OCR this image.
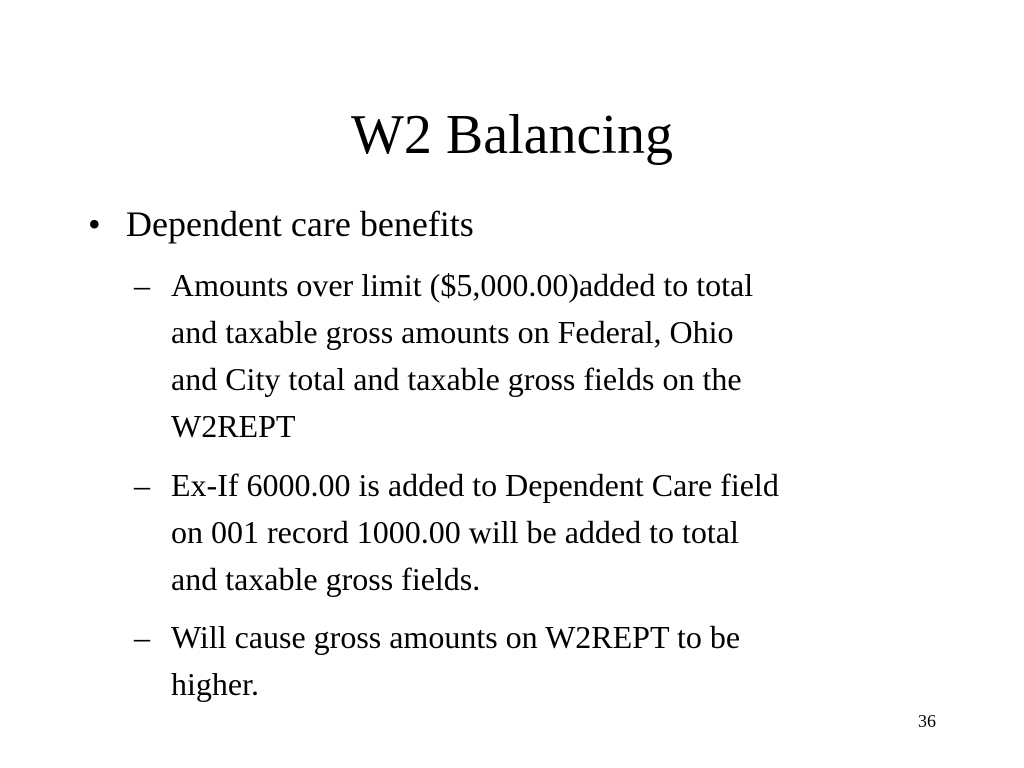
W2 Balancing
• Dependent care benefits
– Amounts over limit ($5,000.00)added to total
and taxable gross amounts on Federal, Ohio
and City total and taxable gross fields on the
W2REPT
– Ex-If 6000.00 is added to Dependent Care field
on 001 record 1000.00 will be added to total
and taxable gross fields.
– Will cause gross amounts on W2REPT to be
higher.
36
